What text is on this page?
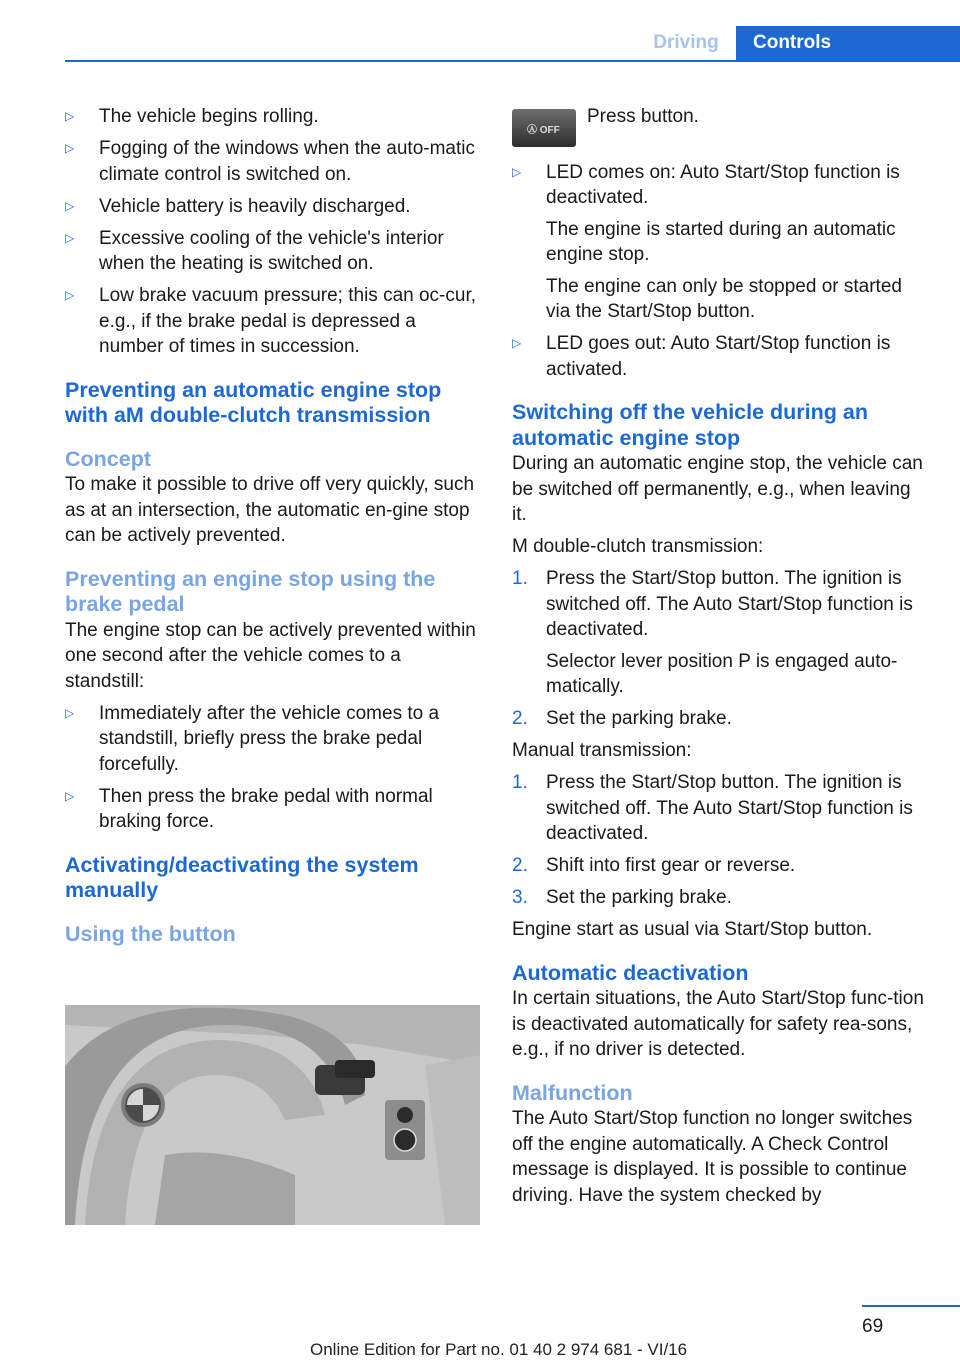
Driving	Controls
▷ The vehicle begins rolling.
▷ Fogging of the windows when the auto‐matic climate control is switched on.
▷ Vehicle battery is heavily discharged.
▷ Excessive cooling of the vehicle's interior when the heating is switched on.
▷ Low brake vacuum pressure; this can oc‐cur, e.g., if the brake pedal is depressed a number of times in succession.
Preventing an automatic engine stop with aM double-clutch transmission
Concept

To make it possible to drive off very quickly, such as at an intersection, the automatic en‐gine stop can be actively prevented.

Preventing an engine stop using the brake pedal

The engine stop can be actively prevented within one second after the vehicle comes to a standstill:

▷ Immediately after the vehicle comes to a standstill, briefly press the brake pedal forcefully.
▷ Then press the brake pedal with normal braking force.
Activating/deactivating the system manually
Using the button
Ⓐ OFF

Press button.

▷ LED comes on: Auto Start/Stop function is deactivated.
The engine is started during an automatic engine stop.
The engine can only be stopped or started via the Start/Stop button.
▷ LED goes out: Auto Start/Stop function is activated.
Switching off the vehicle during an automatic engine stop

During an automatic engine stop, the vehicle can be switched off permanently, e.g., when leaving it.

M double-clutch transmission:

1. Press the Start/Stop button. The ignition is switched off. The Auto Start/Stop function is deactivated.
Selector lever position P is engaged auto‐matically.
2. Set the parking brake.

Manual transmission:

1. Press the Start/Stop button. The ignition is switched off. The Auto Start/Stop function is deactivated.
2. Shift into first gear or reverse.
3. Set the parking brake.

Engine start as usual via Start/Stop button.

Automatic deactivation

In certain situations, the Auto Start/Stop func‐tion is deactivated automatically for safety rea‐sons, e.g., if no driver is detected.

Malfunction

The Auto Start/Stop function no longer switches off the engine automatically. A Check Control message is displayed. It is possible to continue driving. Have the system checked by

69
Online Edition for Part no. 01 40 2 974 681 - VI/16
